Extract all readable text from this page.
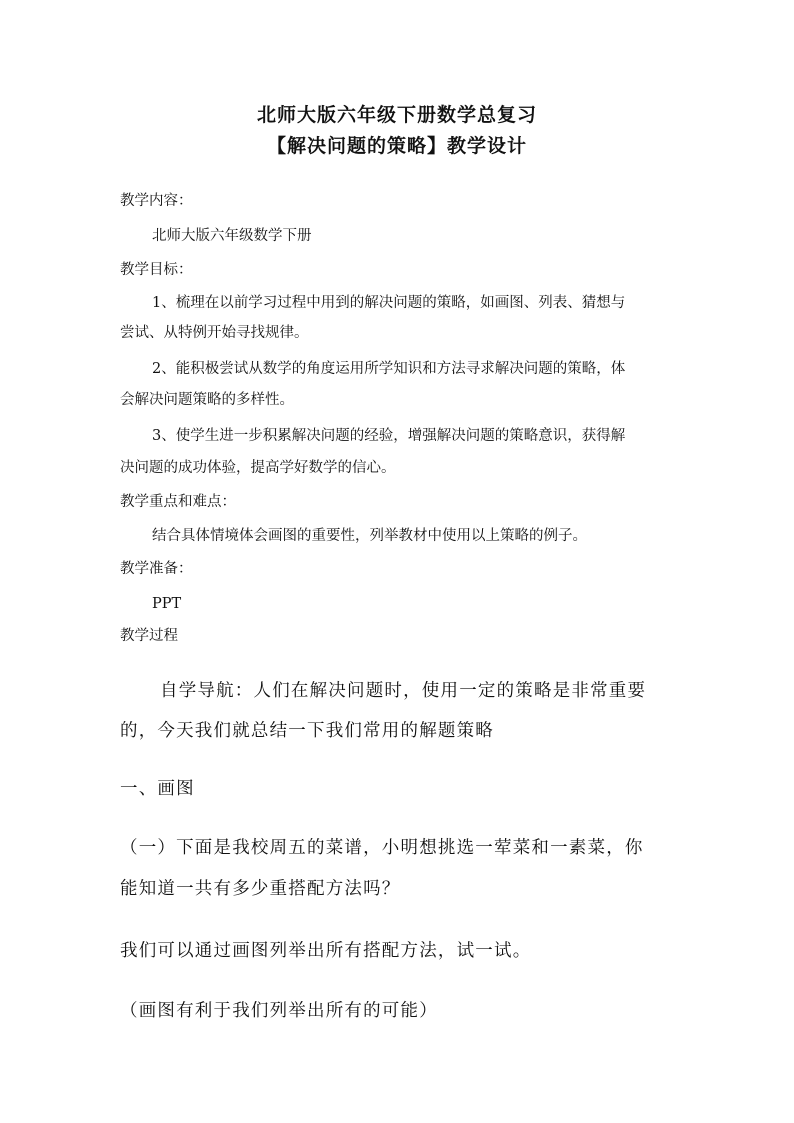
北师大版六年级下册数学总复习
【解决问题的策略】教学设计
教学内容：
北师大版六年级数学下册
教学目标：
1、梳理在以前学习过程中用到的解决问题的策略，如画图、列表、猜想与
尝试、从特例开始寻找规律。
2、能积极尝试从数学的角度运用所学知识和方法寻求解决问题的策略，体
会解决问题策略的多样性。
3、使学生进一步积累解决问题的经验，增强解决问题的策略意识，获得解
决问题的成功体验，提高学好数学的信心。
教学重点和难点：
结合具体情境体会画图的重要性，列举教材中使用以上策略的例子。
教学准备：
PPT
教学过程
自学导航：人们在解决问题时，使用一定的策略是非常重要
的，今天我们就总结一下我们常用的解题策略
一、画图
（一）下面是我校周五的菜谱，小明想挑选一荤菜和一素菜，你
能知道一共有多少重搭配方法吗？
我们可以通过画图列举出所有搭配方法，试一试。
（画图有利于我们列举出所有的可能）
